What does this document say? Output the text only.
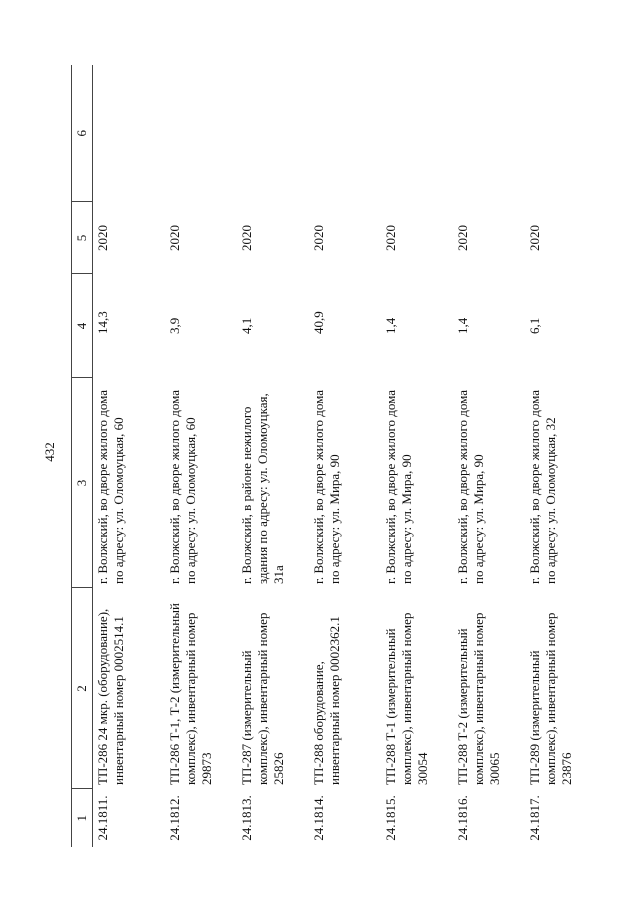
432
1	2	3	4	5	6
24.1811.	ТП-286 24 мкр. (оборудование), инвентарный номер 0002514.1	г. Волжский, во дворе жилого дома по адресу: ул. Оломоуцкая, 60	14,3	2020	
24.1812.	ТП-286 Т-1, Т-2 (измерительный комплекс), инвентарный номер 29873	г. Волжский, во дворе жилого дома по адресу: ул. Оломоуцкая, 60	3,9	2020	
24.1813.	ТП-287 (измерительный комплекс), инвентарный номер 25826	г. Волжский, в районе нежилого здания по адресу: ул. Оломоуцкая, 31а	4,1	2020	
24.1814.	ТП-288 оборудование, инвентарный номер 0002362.1	г. Волжский, во дворе жилого дома по адресу: ул. Мира, 90	40,9	2020	
24.1815.	ТП-288 Т-1 (измерительный комплекс), инвентарный номер 30054	г. Волжский, во дворе жилого дома по адресу: ул. Мира, 90	1,4	2020	
24.1816.	ТП-288 Т-2 (измерительный комплекс), инвентарный номер 30065	г. Волжский, во дворе жилого дома по адресу: ул. Мира, 90	1,4	2020	
24.1817.	ТП-289 (измерительный комплекс), инвентарный номер 23876	г. Волжский, во дворе жилого дома по адресу: ул. Оломоуцкая, 32	6,1	2020	
